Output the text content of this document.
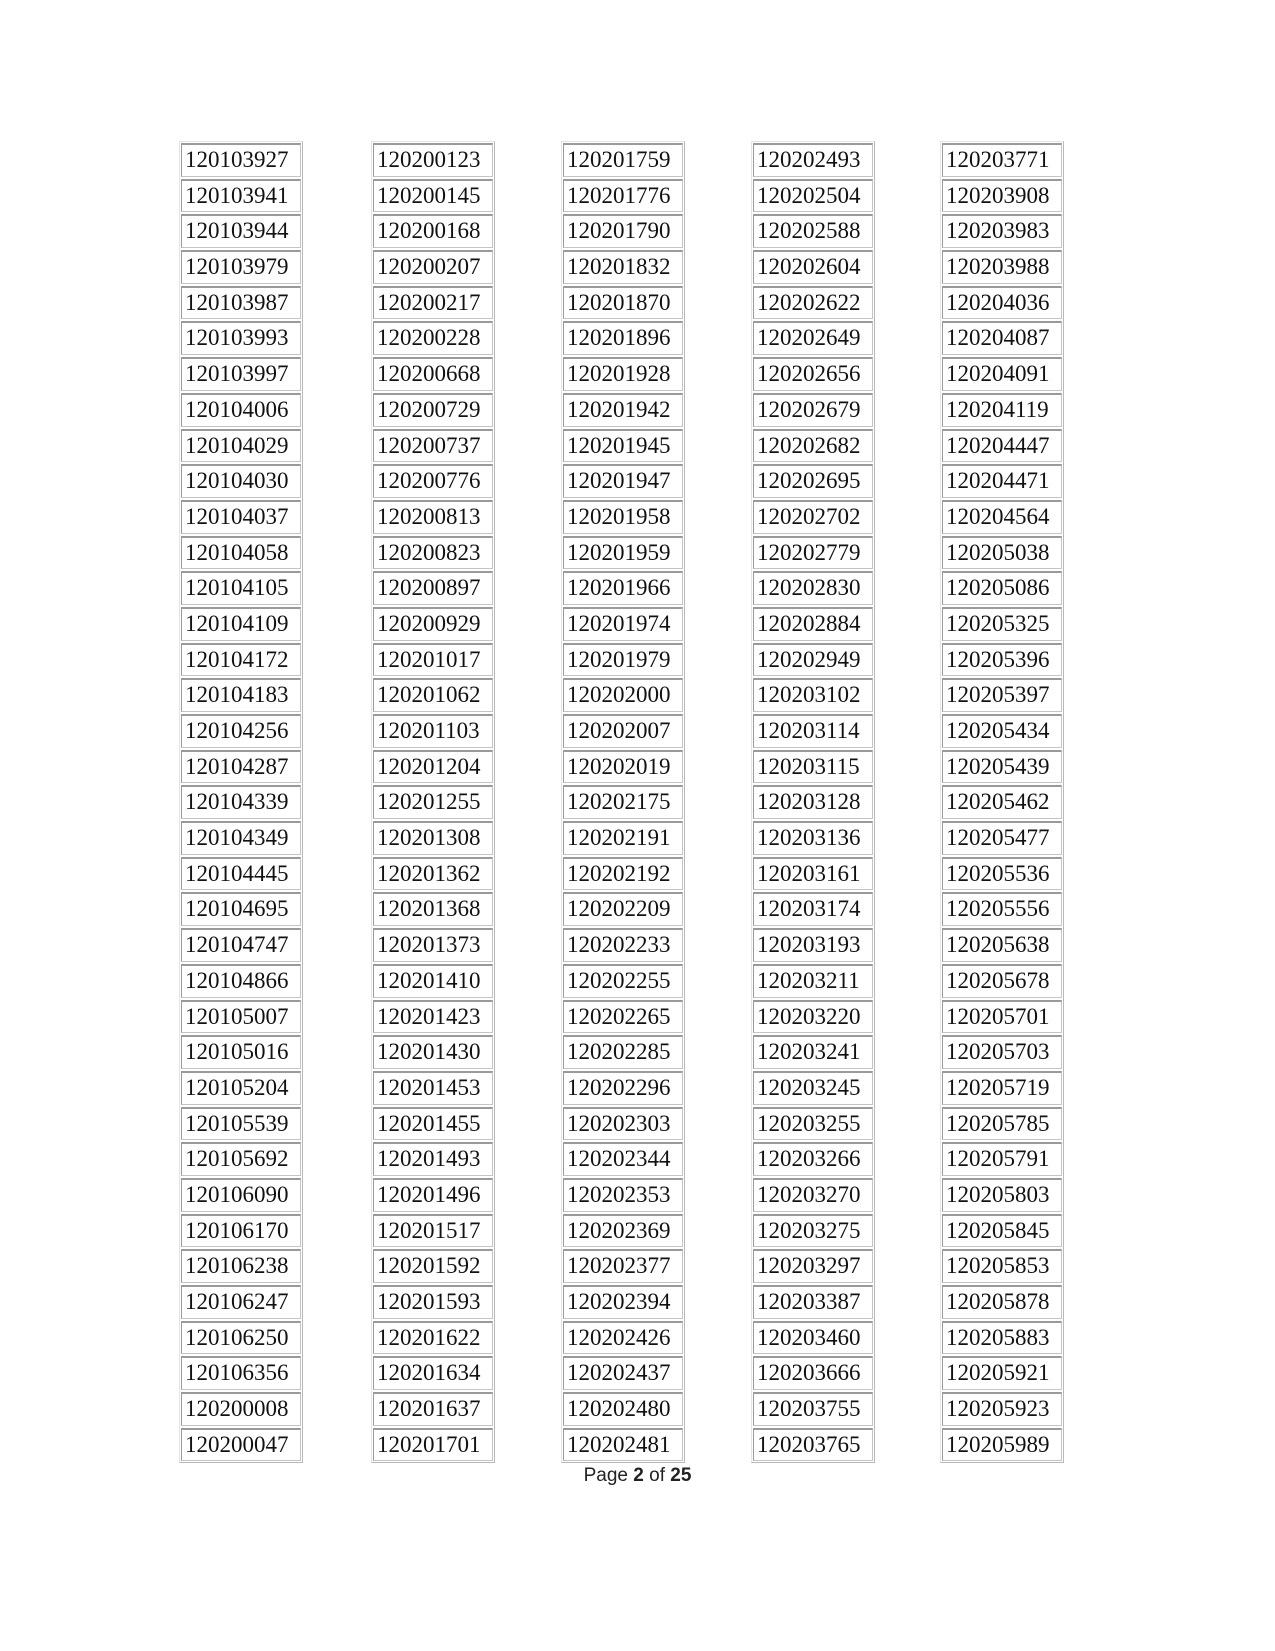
120103927
120103941
120103944
120103979
120103987
120103993
120103997
120104006
120104029
120104030
120104037
120104058
120104105
120104109
120104172
120104183
120104256
120104287
120104339
120104349
120104445
120104695
120104747
120104866
120105007
120105016
120105204
120105539
120105692
120106090
120106170
120106238
120106247
120106250
120106356
120200008
120200047
120200123
120200145
120200168
120200207
120200217
120200228
120200668
120200729
120200737
120200776
120200813
120200823
120200897
120200929
120201017
120201062
120201103
120201204
120201255
120201308
120201362
120201368
120201373
120201410
120201423
120201430
120201453
120201455
120201493
120201496
120201517
120201592
120201593
120201622
120201634
120201637
120201701
120201759
120201776
120201790
120201832
120201870
120201896
120201928
120201942
120201945
120201947
120201958
120201959
120201966
120201974
120201979
120202000
120202007
120202019
120202175
120202191
120202192
120202209
120202233
120202255
120202265
120202285
120202296
120202303
120202344
120202353
120202369
120202377
120202394
120202426
120202437
120202480
120202481
120202493
120202504
120202588
120202604
120202622
120202649
120202656
120202679
120202682
120202695
120202702
120202779
120202830
120202884
120202949
120203102
120203114
120203115
120203128
120203136
120203161
120203174
120203193
120203211
120203220
120203241
120203245
120203255
120203266
120203270
120203275
120203297
120203387
120203460
120203666
120203755
120203765
120203771
120203908
120203983
120203988
120204036
120204087
120204091
120204119
120204447
120204471
120204564
120205038
120205086
120205325
120205396
120205397
120205434
120205439
120205462
120205477
120205536
120205556
120205638
120205678
120205701
120205703
120205719
120205785
120205791
120205803
120205845
120205853
120205878
120205883
120205921
120205923
120205989
Page 2 of 25
